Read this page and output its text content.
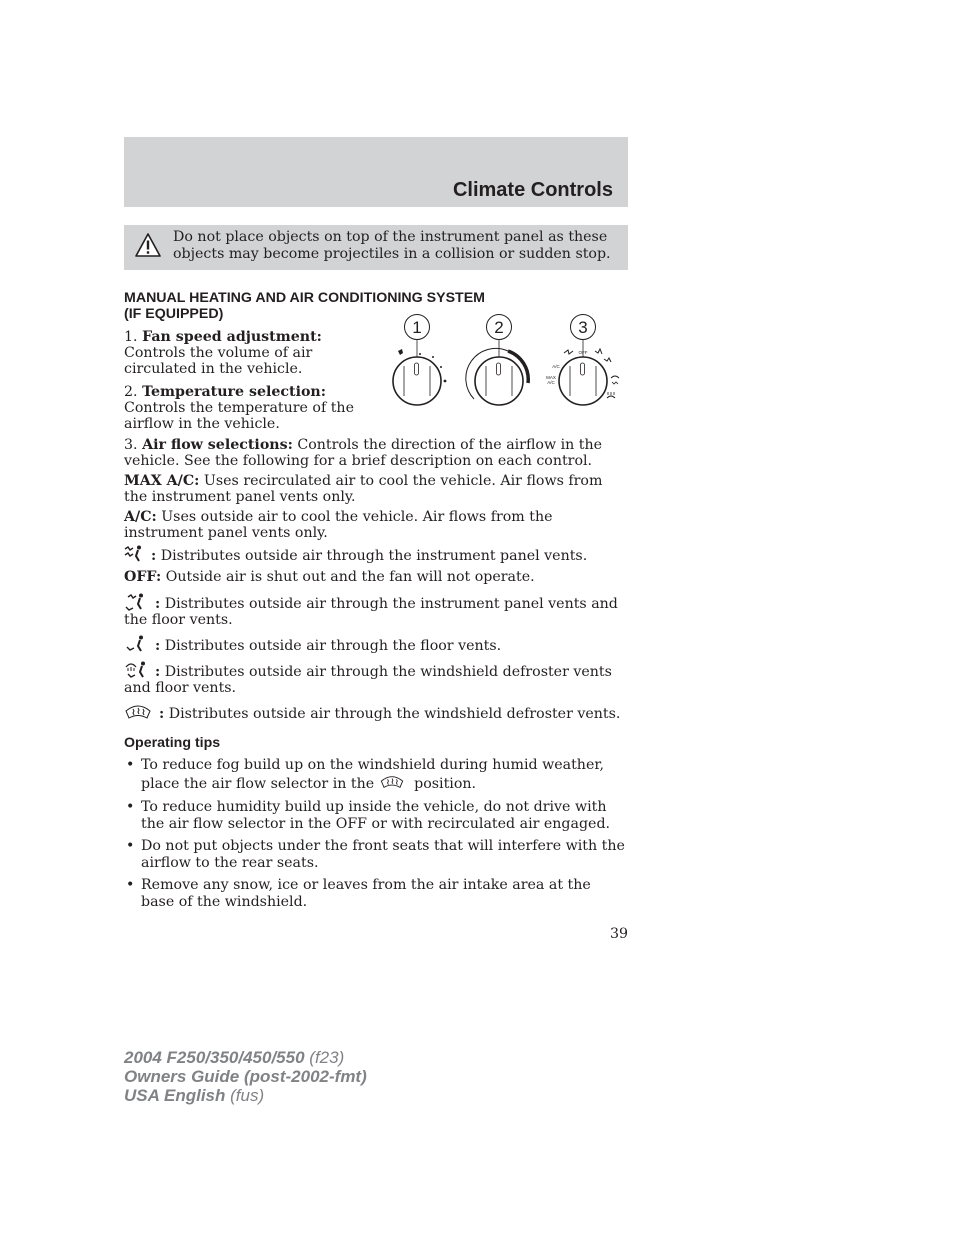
Climate Controls
Do not place objects on top of the instrument panel as these objects may become projectiles in a collision or sudden stop.
MANUAL HEATING AND AIR CONDITIONING SYSTEM
(IF EQUIPPED)
1. Fan speed adjustment: Controls the volume of air circulated in the vehicle.
2. Temperature selection: Controls the temperature of the airflow in the vehicle.
1	2	3
OFF
A/C
MAX
A/C
3. Air flow selections: Controls the direction of the airflow in the vehicle. See the following for a brief description on each control.
MAX A/C: Uses recirculated air to cool the vehicle. Air flows from the instrument panel vents only.
A/C: Uses outside air to cool the vehicle. Air flows from the instrument panel vents only.
: Distributes outside air through the instrument panel vents.
OFF: Outside air is shut out and the fan will not operate.
: Distributes outside air through the instrument panel vents and the floor vents.
: Distributes outside air through the floor vents.
: Distributes outside air through the windshield defroster vents and floor vents.
: Distributes outside air through the windshield defroster vents.
Operating tips
• To reduce fog build up on the windshield during humid weather, place the air flow selector in the	position.
• To reduce humidity build up inside the vehicle, do not drive with the air flow selector in the OFF or with recirculated air engaged.
• Do not put objects under the front seats that will interfere with the airflow to the rear seats.
• Remove any snow, ice or leaves from the air intake area at the base of the windshield.
39
2004 F250/350/450/550 (f23)
Owners Guide (post-2002-fmt)
USA English (fus)
